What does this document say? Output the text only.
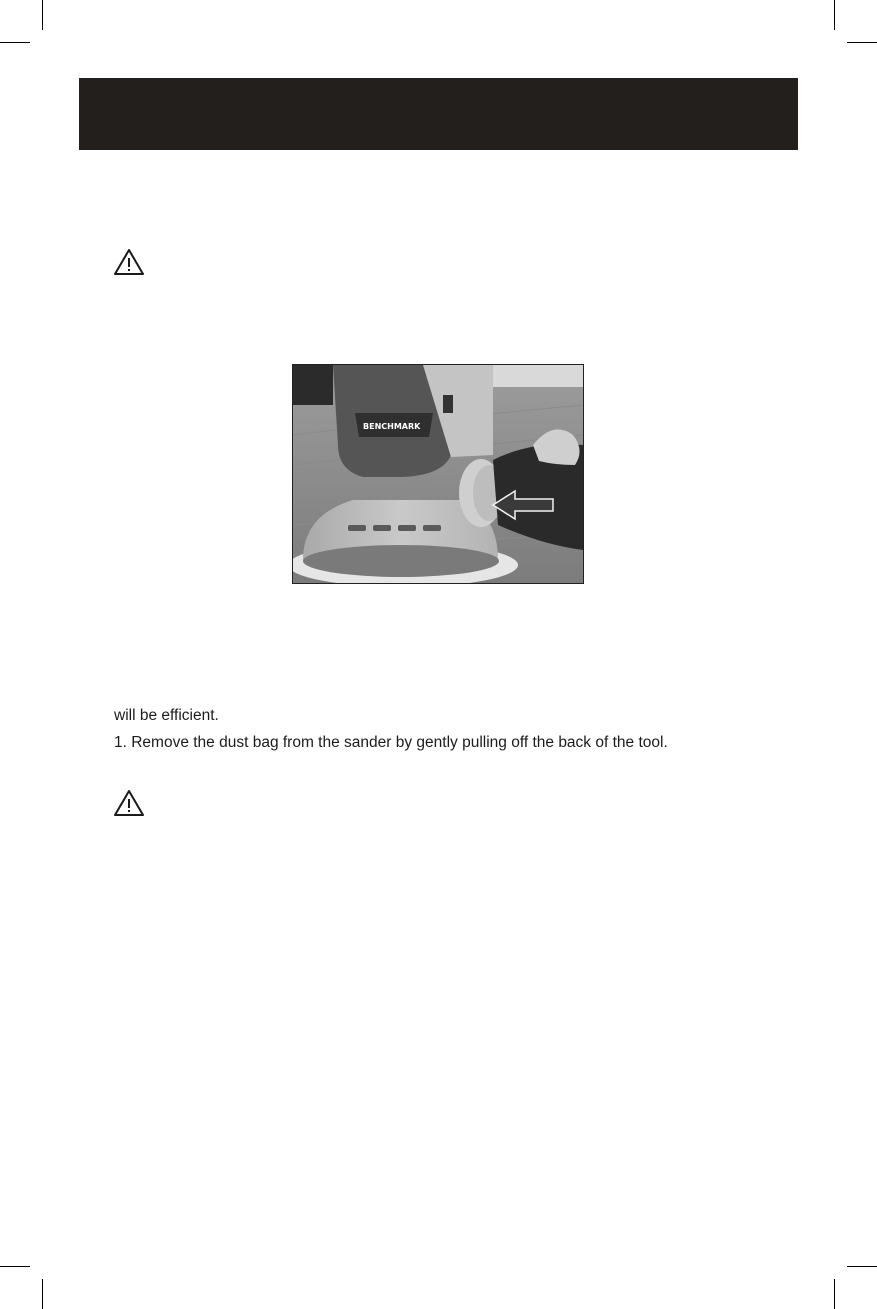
BENCHMARK
will be efficient.
1. Remove the dust bag from the sander by gently pulling off the back of the tool.
